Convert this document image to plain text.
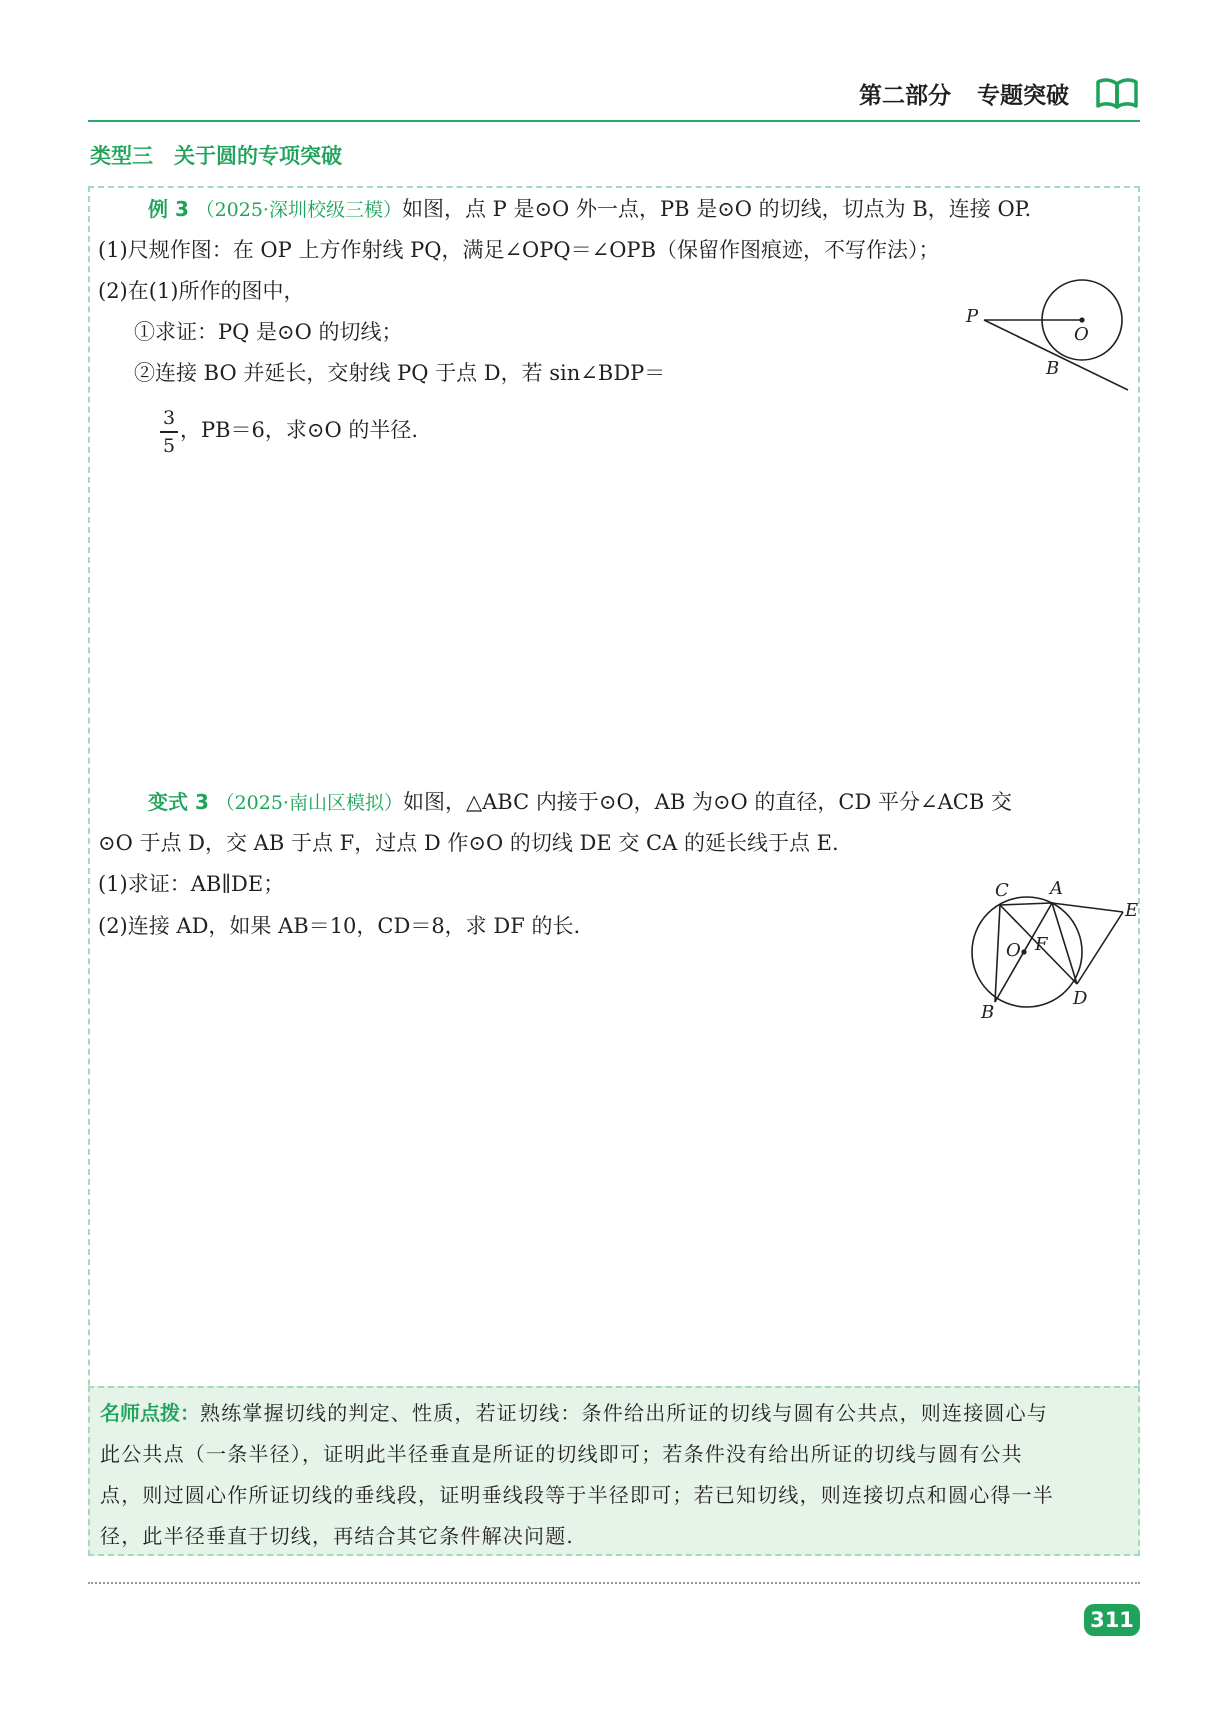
第二部分 专题突破
类型三　关于圆的专项突破
例 3 （2025·深圳校级三模）如图，点 P 是⊙O 外一点，PB 是⊙O 的切线，切点为 B，连接 OP.
(1)尺规作图：在 OP 上方作射线 PQ，满足∠OPQ＝∠OPB（保留作图痕迹，不写作法）；
(2)在(1)所作的图中，
①求证：PQ 是⊙O 的切线；
②连接 BO 并延长，交射线 PQ 于点 D，若 sin∠BDP＝
3
5
，PB＝6，求⊙O 的半径.
P
O
B
变式 3 （2025·南山区模拟）如图，△ABC 内接于⊙O，AB 为⊙O 的直径，CD 平分∠ACB 交
⊙O 于点 D，交 AB 于点 F，过点 D 作⊙O 的切线 DE 交 CA 的延长线于点 E.
(1)求证：AB∥DE；
(2)连接 AD，如果 AB＝10，CD＝8，求 DF 的长.
C A
E
O F
D
B
名师点拨：熟练掌握切线的判定、性质，若证切线：条件给出所证的切线与圆有公共点，则连接圆心与
此公共点（一条半径），证明此半径垂直是所证的切线即可；若条件没有给出所证的切线与圆有公共
点，则过圆心作所证切线的垂线段，证明垂线段等于半径即可；若已知切线，则连接切点和圆心得一半
径，此半径垂直于切线，再结合其它条件解决问题.
311
